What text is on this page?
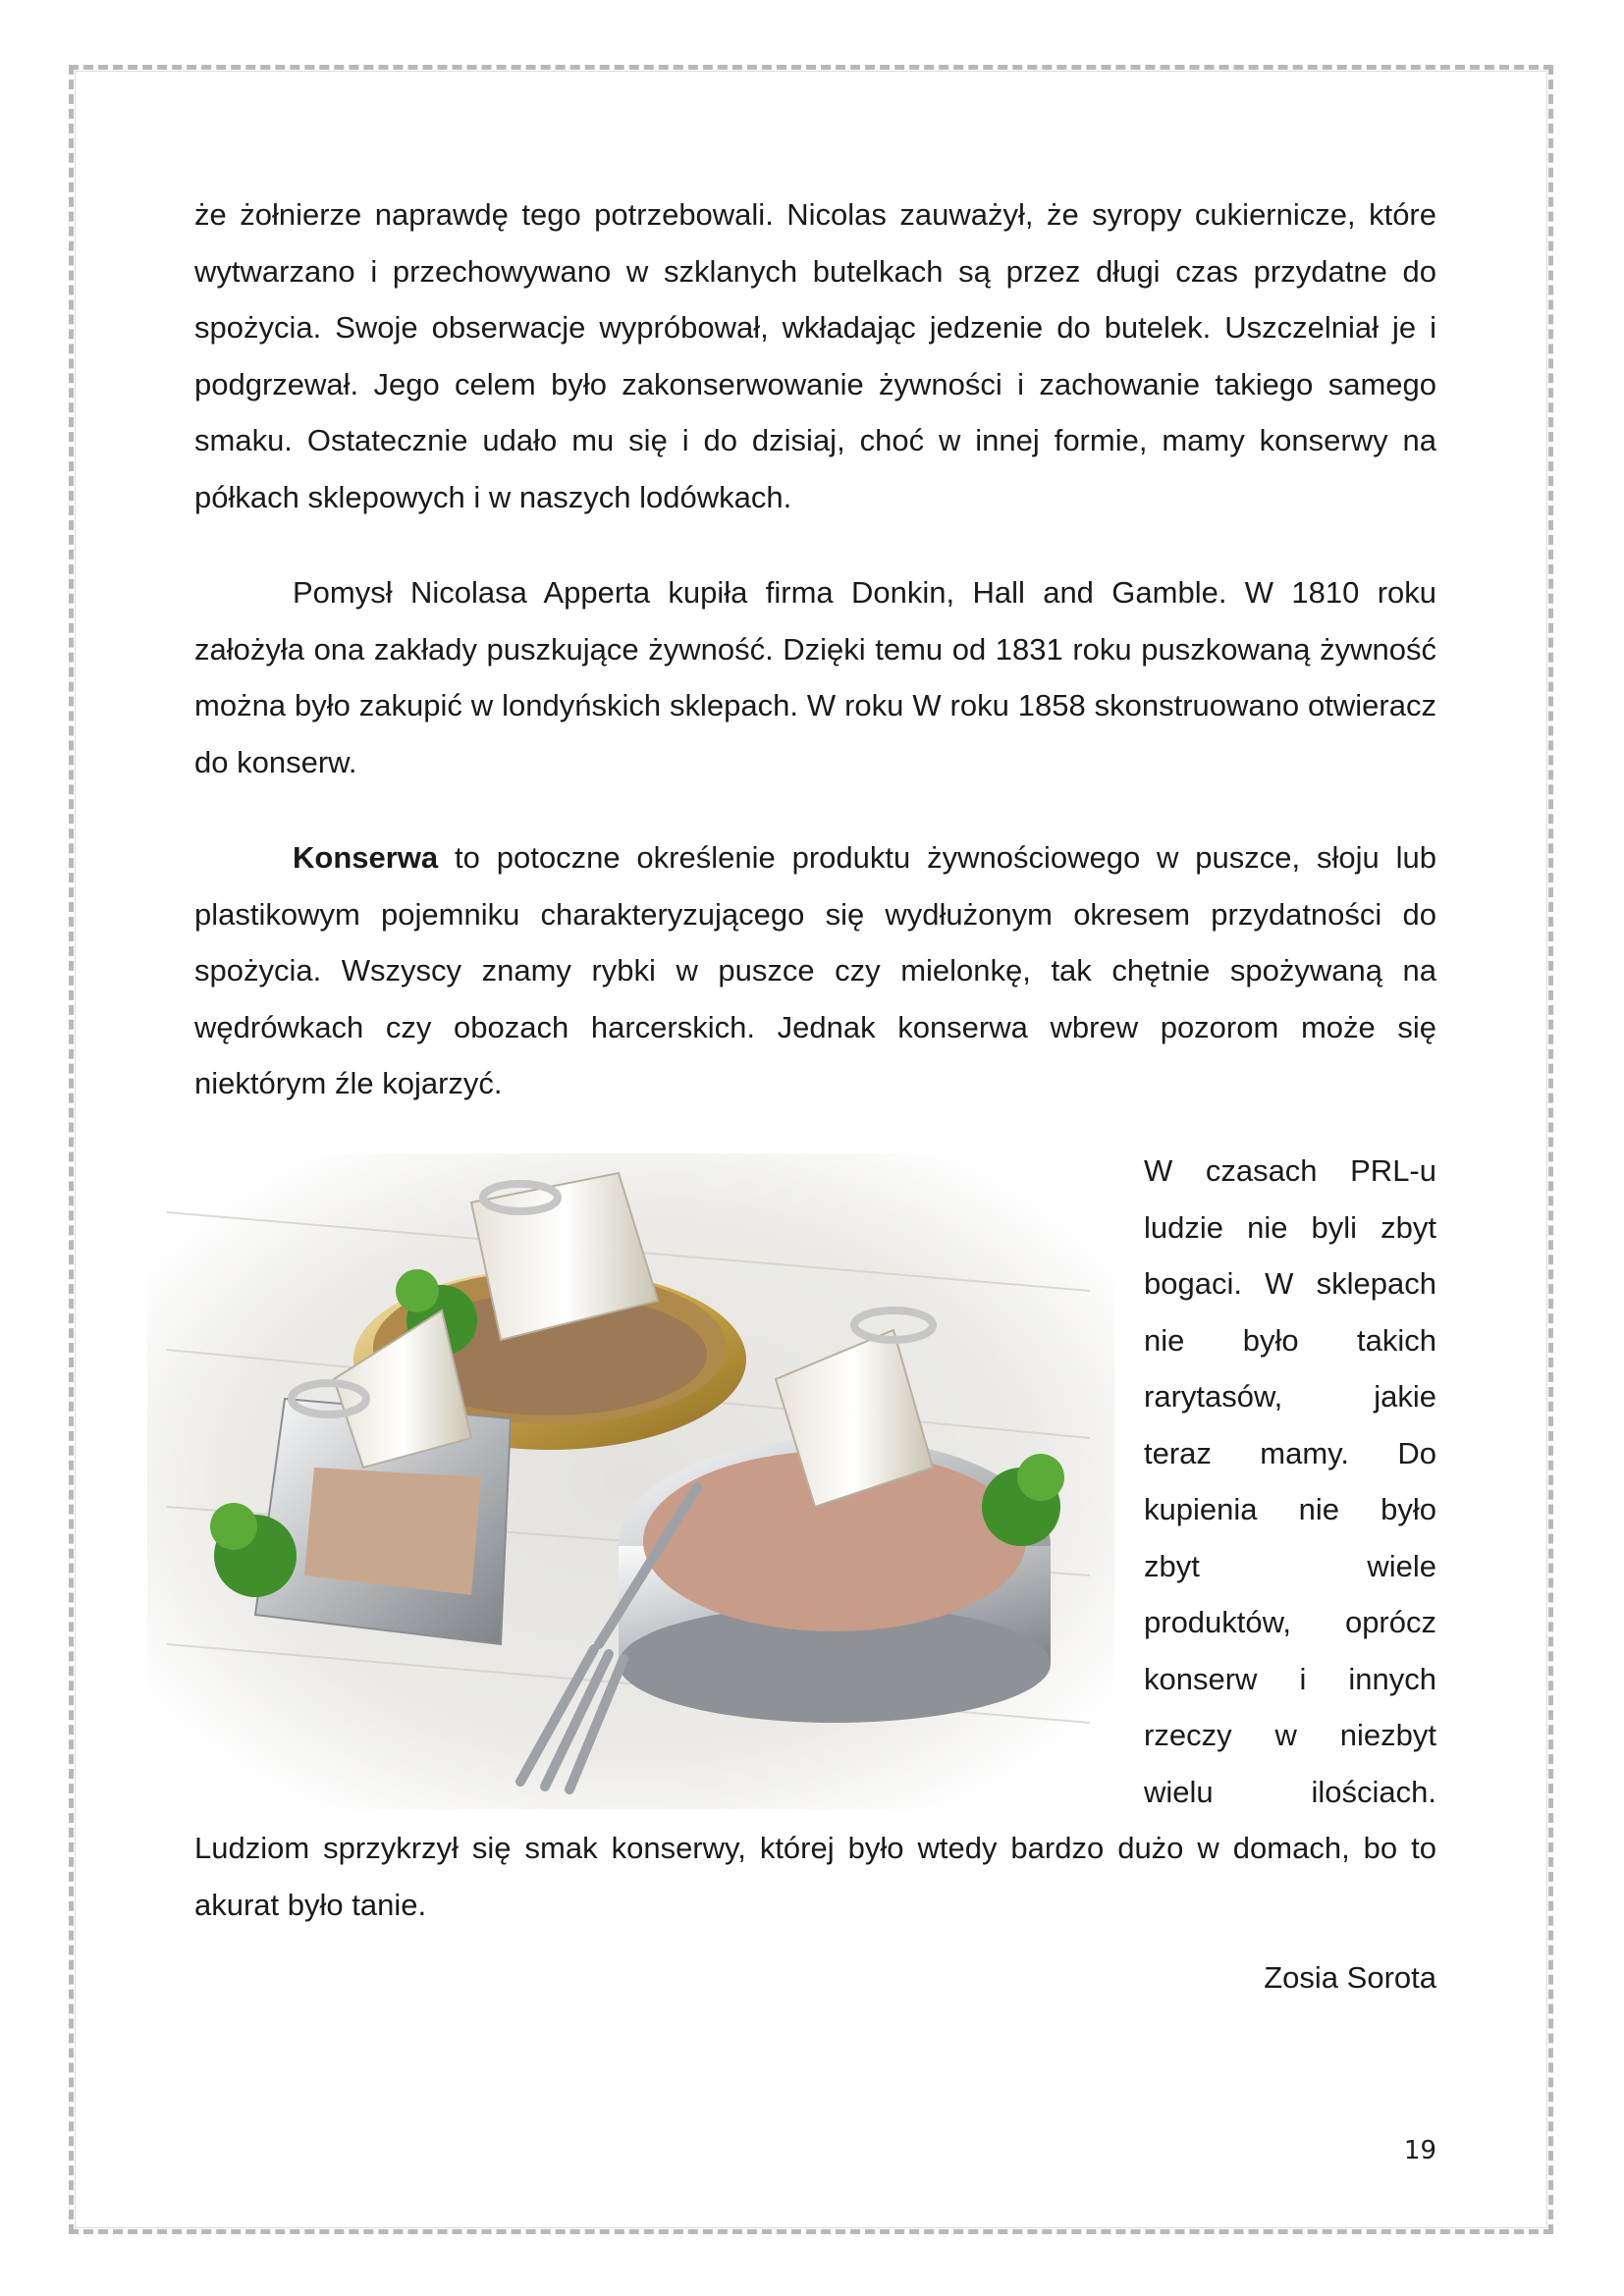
że żołnierze naprawdę tego potrzebowali. Nicolas zauważył, że syropy cukiernicze, które wytwarzano i przechowywano w szklanych butelkach są przez długi czas przydatne do spożycia. Swoje obserwacje wypróbował, wkładając jedzenie do butelek. Uszczelniał je i podgrzewał. Jego celem było zakonserwowanie żywności i zachowanie takiego samego smaku. Ostatecznie udało mu się i do dzisiaj, choć w innej formie, mamy konserwy na półkach sklepowych i w naszych lodówkach.

Pomysł Nicolasa Apperta kupiła firma Donkin, Hall and Gamble. W 1810 roku założyła ona zakłady puszkujące żywność. Dzięki temu od 1831 roku puszkowaną żywność można było zakupić w londyńskich sklepach. W roku W roku 1858 skonstruowano otwieracz do konserw.

Konserwa to potoczne określenie produktu żywnościowego w puszce, słoju lub plastikowym pojemniku charakteryzującego się wydłużonym okresem przydatności do spożycia. Wszyscy znamy rybki w puszce czy mielonkę, tak chętnie spożywaną na wędrówkach czy obozach harcerskich. Jednak konserwa wbrew pozorom może się niektórym źle kojarzyć.

W czasach PRL-u
ludzie nie byli zbyt
bogaci. W sklepach
nie było takich
rarytasów,	jakie
teraz mamy. Do
kupienia nie było
zbyt	wiele
produktów, oprócz
konserw i innych
rzeczy w niezbyt
wielu	ilościach.

Ludziom sprzykrzył się smak konserwy, której było wtedy bardzo dużo w domach, bo to akurat było tanie.

Zosia Sorota
19
